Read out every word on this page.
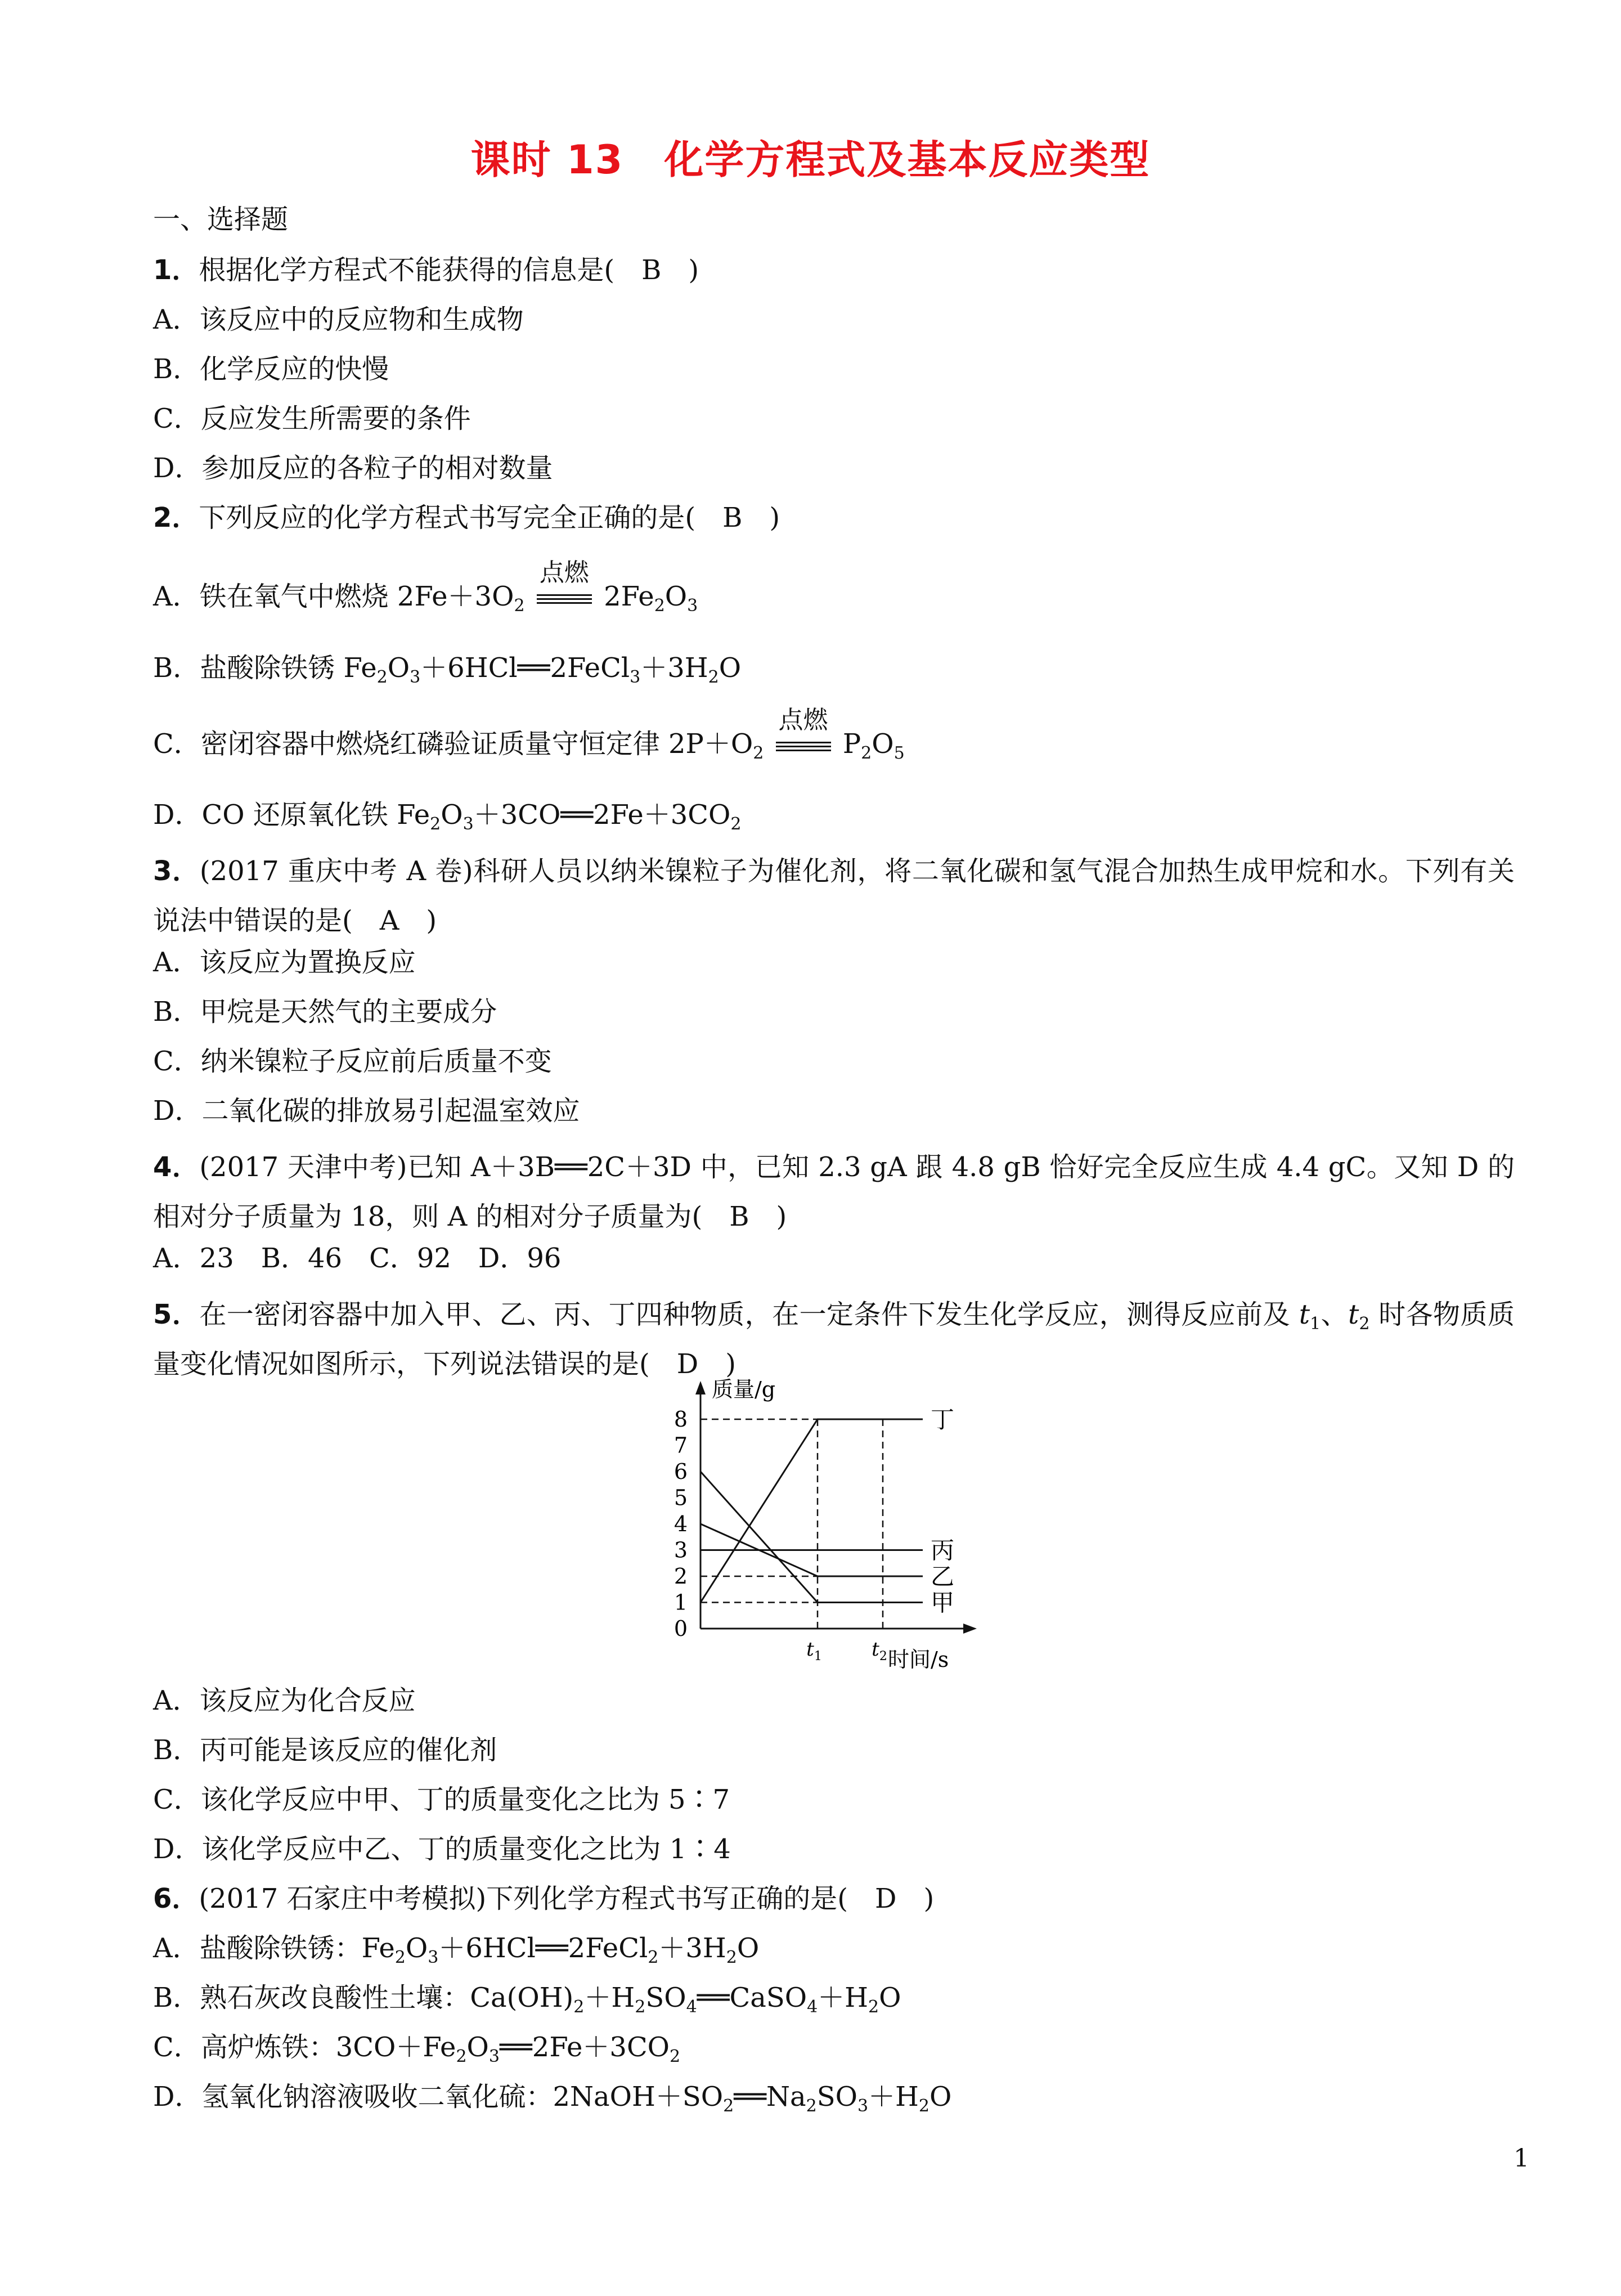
课时 13　化学方程式及基本反应类型
一、选择题
1．根据化学方程式不能获得的信息是(　B　)
A．该反应中的反应物和生成物
B．化学反应的快慢
C．反应发生所需要的条件
D．参加反应的各粒子的相对数量
2．下列反应的化学方程式书写完全正确的是(　B　)
A．铁在氧气中燃烧 $2Fe+3O_2$
点燃
$2Fe_2O_3$
B．盐酸除铁锈 $Fe_2O_3+6HCl══2FeCl_3+3H_2O$
C．密闭容器中燃烧红磷验证质量守恒定律 $2P+O_2$
点燃
$P_2O_5$
D．CO 还原氧化铁 $Fe_2O_3+3CO══2Fe+3CO_2$
3．(2017 重庆中考 A 卷)科研人员以纳米镍粒子为催化剂，将二氧化碳和氢气混合加热生成甲烷和水。下列有关说法中错误的是(　A　)
A．该反应为置换反应
B．甲烷是天然气的主要成分
C．纳米镍粒子反应前后质量不变
D．二氧化碳的排放易引起温室效应
4．(2017 天津中考)已知 A＋3B══2C＋3D 中，已知 2.3 gA 跟 4.8 gB 恰好完全反应生成 4.4 gC。又知 D 的相对分子质量为 18，则 A 的相对分子质量为(　B　)
A．23　B．46　C．92　D．96
5．在一密闭容器中加入甲、乙、丙、丁四种物质，在一定条件下发生化学反应，测得反应前及 $t_1$、$t_2$ 时各物质质量变化情况如图所示，下列说法错误的是(　D　)
质量/g
时间/s
0
1
2
3
4
5
6
7
8
$t_1$	$t_2$
丁
丙
乙
甲
A．该反应为化合反应
B．丙可能是该反应的催化剂
C．该化学反应中甲、丁的质量变化之比为 5∶7
D．该化学反应中乙、丁的质量变化之比为 1∶4
6．(2017 石家庄中考模拟)下列化学方程式书写正确的是(　D　)
A．盐酸除铁锈：$Fe_2O_3+6HCl══2FeCl_2+3H_2O$
B．熟石灰改良酸性土壤：$Ca(OH)_2+H_2SO_4══CaSO_4+H_2O$
C．高炉炼铁：$3CO+Fe_2O_3══2Fe+3CO_2$
D．氢氧化钠溶液吸收二氧化硫：$2NaOH+SO_2══Na_2SO_3+H_2O$
1
